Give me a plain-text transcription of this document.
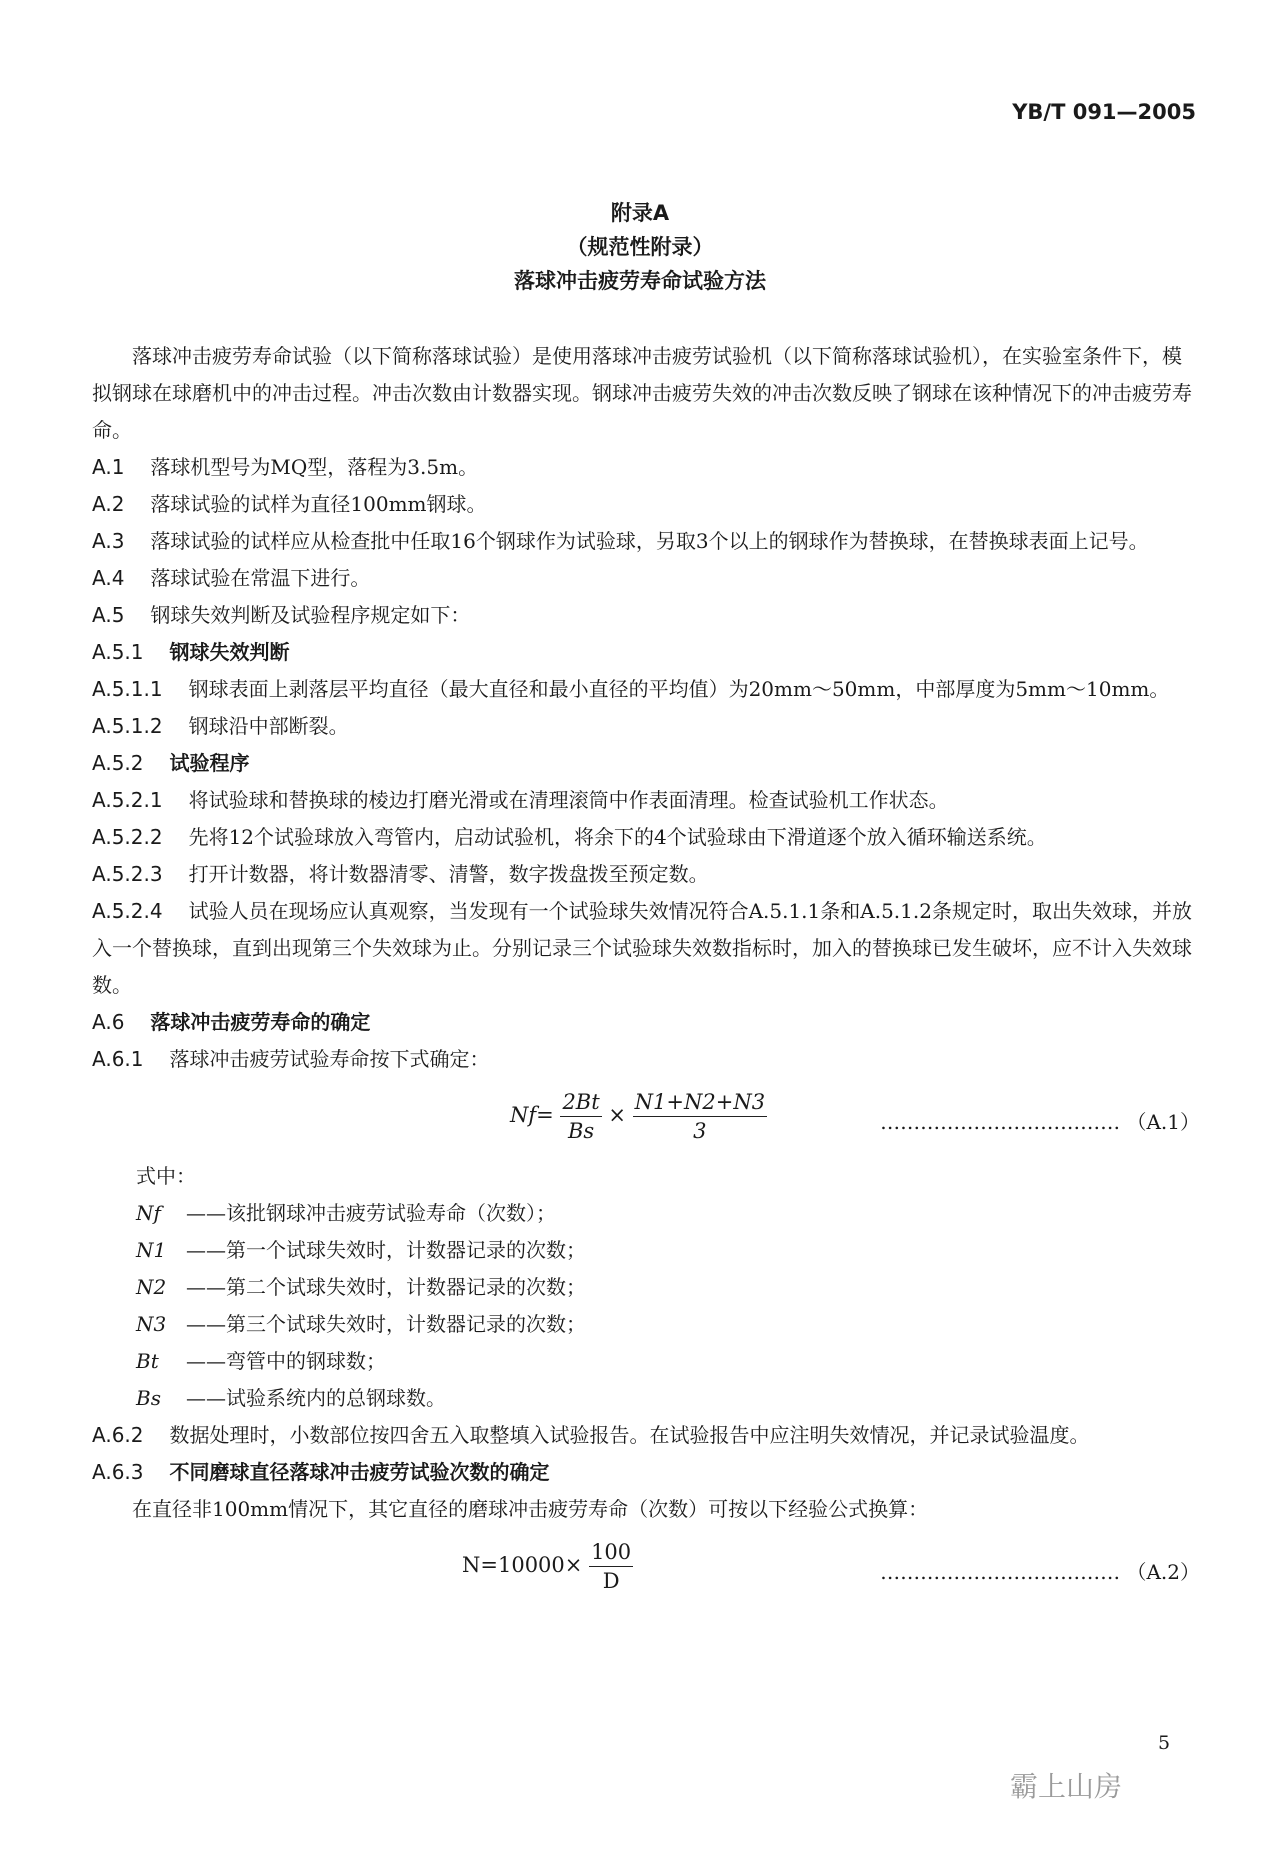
YB/T 091—2005
附录A
（规范性附录）
落球冲击疲劳寿命试验方法

落球冲击疲劳寿命试验（以下简称落球试验）是使用落球冲击疲劳试验机（以下简称落球试验机），在实验室条件下，模拟钢球在球磨机中的冲击过程。冲击次数由计数器实现。钢球冲击疲劳失效的冲击次数反映了钢球在该种情况下的冲击疲劳寿命。

A.1 落球机型号为MQ型，落程为3.5m。

A.2 落球试验的试样为直径100mm钢球。

A.3 落球试验的试样应从检查批中任取16个钢球作为试验球，另取3个以上的钢球作为替换球，在替换球表面上记号。

A.4 落球试验在常温下进行。

A.5 钢球失效判断及试验程序规定如下：

A.5.1 钢球失效判断

A.5.1.1 钢球表面上剥落层平均直径（最大直径和最小直径的平均值）为20mm～50mm，中部厚度为5mm～10mm。

A.5.1.2 钢球沿中部断裂。

A.5.2 试验程序

A.5.2.1 将试验球和替换球的棱边打磨光滑或在清理滚筒中作表面清理。检查试验机工作状态。

A.5.2.2 先将12个试验球放入弯管内，启动试验机，将余下的4个试验球由下滑道逐个放入循环输送系统。

A.5.2.3 打开计数器，将计数器清零、清警，数字拨盘拨至预定数。

A.5.2.4 试验人员在现场应认真观察，当发现有一个试验球失效情况符合A.5.1.1条和A.5.1.2条规定时，取出失效球，并放入一个替换球，直到出现第三个失效球为止。分别记录三个试验球失效数指标时，加入的替换球已发生破坏，应不计入失效球数。

A.6 落球冲击疲劳寿命的确定

A.6.1 落球冲击疲劳试验寿命按下式确定：

$Nf= \frac{2Bt}{Bs} \times \frac{N1+N2+N3}{3}$	……………………………… （A.1）

式中：

Nf ——该批钢球冲击疲劳试验寿命（次数）；

N1 ——第一个试球失效时，计数器记录的次数；

N2 ——第二个试球失效时，计数器记录的次数；

N3 ——第三个试球失效时，计数器记录的次数；

Bt ——弯管中的钢球数；

Bs ——试验系统内的总钢球数。

A.6.2 数据处理时，小数部位按四舍五入取整填入试验报告。在试验报告中应注明失效情况，并记录试验温度。

A.6.3 不同磨球直径落球冲击疲劳试验次数的确定

在直径非100mm情况下，其它直径的磨球冲击疲劳寿命（次数）可按以下经验公式换算：

$N=10000\times \frac{100}{D}$	……………………………… （A.2）
5
霸上山房
